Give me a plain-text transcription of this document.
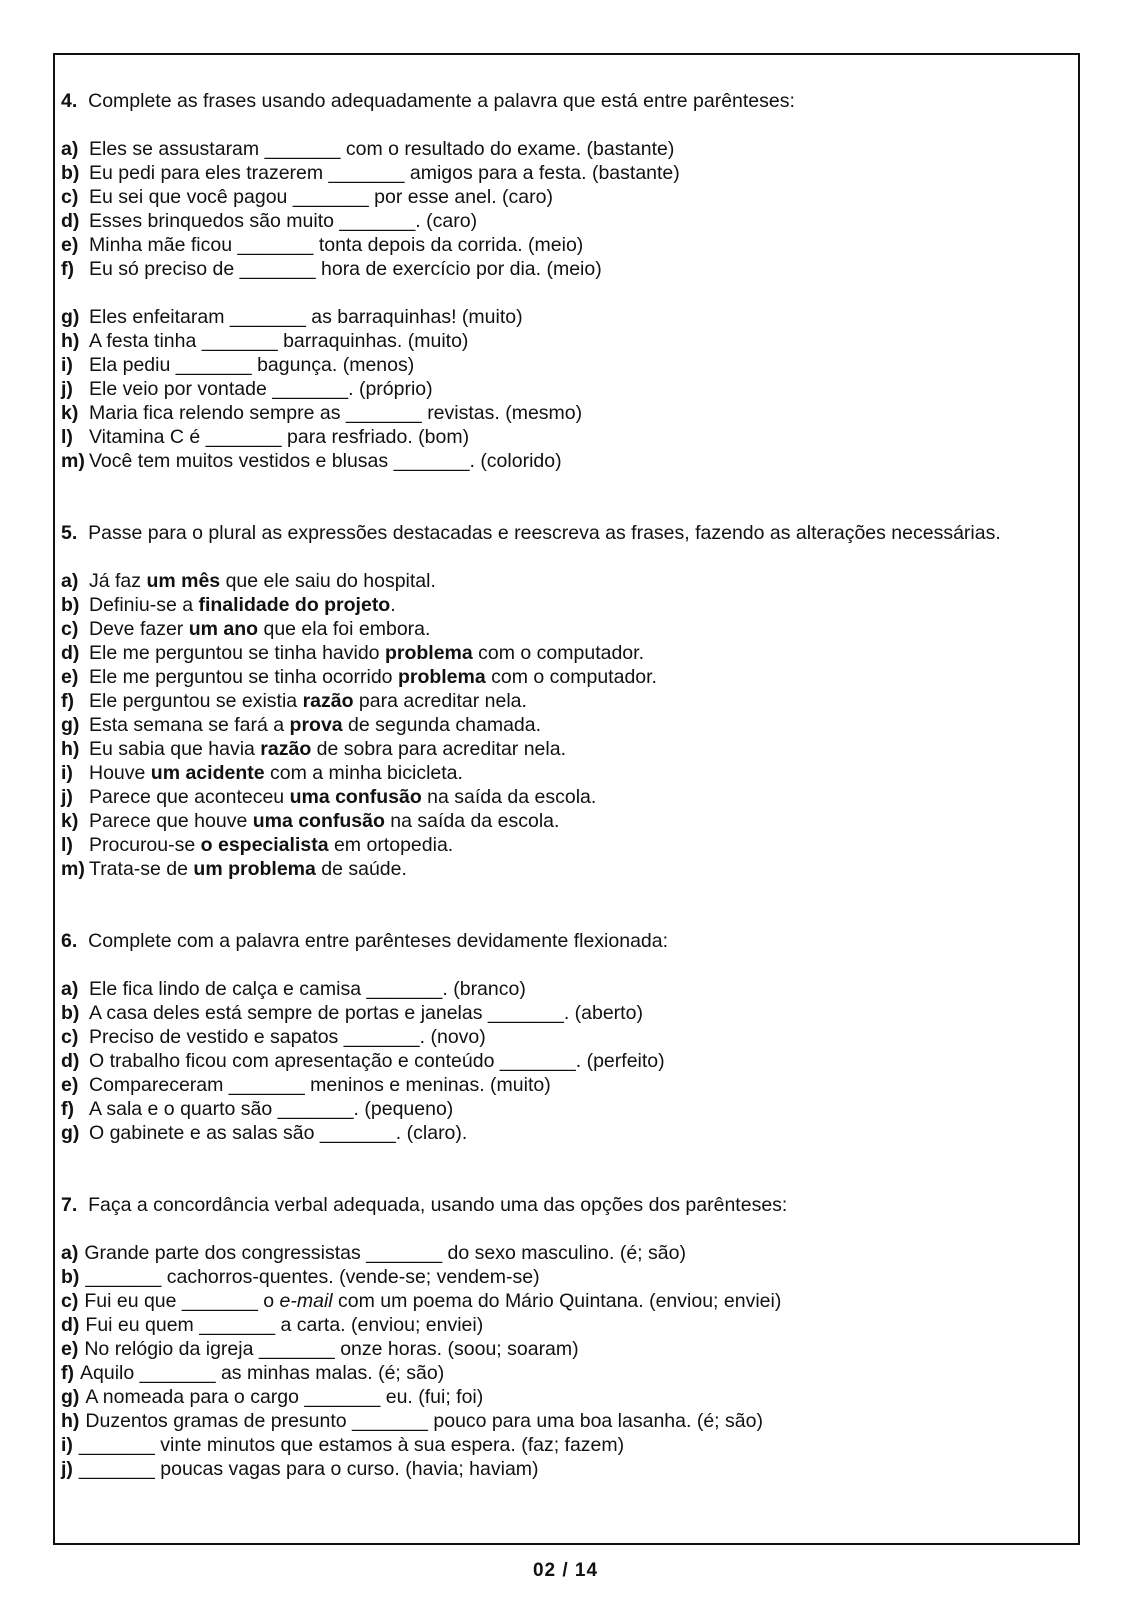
4. Complete as frases usando adequadamente a palavra que está entre parênteses:

a) Eles se assustaram _______ com o resultado do exame. (bastante)
b) Eu pedi para eles trazerem _______ amigos para a festa. (bastante)
c) Eu sei que você pagou _______ por esse anel. (caro)
d) Esses brinquedos são muito _______. (caro)
e) Minha mãe ficou _______ tonta depois da corrida. (meio)
f) Eu só preciso de _______ hora de exercício por dia. (meio)
g) Eles enfeitaram _______ as barraquinhas! (muito)
h) A festa tinha _______ barraquinhas. (muito)
i) Ela pediu _______ bagunça. (menos)
j) Ele veio por vontade _______. (próprio)
k) Maria fica relendo sempre as _______ revistas. (mesmo)
l) Vitamina C é _______ para resfriado. (bom)
m) Você tem muitos vestidos e blusas _______. (colorido)

5. Passe para o plural as expressões destacadas e reescreva as frases, fazendo as alterações necessárias.

a) Já faz um mês que ele saiu do hospital.
b) Definiu-se a finalidade do projeto.
c) Deve fazer um ano que ela foi embora.
d) Ele me perguntou se tinha havido problema com o computador.
e) Ele me perguntou se tinha ocorrido problema com o computador.
f) Ele perguntou se existia razão para acreditar nela.
g) Esta semana se fará a prova de segunda chamada.
h) Eu sabia que havia razão de sobra para acreditar nela.
i) Houve um acidente com a minha bicicleta.
j) Parece que aconteceu uma confusão na saída da escola.
k) Parece que houve uma confusão na saída da escola.
l) Procurou-se o especialista em ortopedia.
m) Trata-se de um problema de saúde.

6. Complete com a palavra entre parênteses devidamente flexionada:

a) Ele fica lindo de calça e camisa _______. (branco)
b) A casa deles está sempre de portas e janelas _______. (aberto)
c) Preciso de vestido e sapatos _______. (novo)
d) O trabalho ficou com apresentação e conteúdo _______. (perfeito)
e) Compareceram _______ meninos e meninas. (muito)
f) A sala e o quarto são _______. (pequeno)
g) O gabinete e as salas são _______. (claro).

7. Faça a concordância verbal adequada, usando uma das opções dos parênteses:

a) Grande parte dos congressistas _______ do sexo masculino. (é; são)
b) _______ cachorros-quentes. (vende-se; vendem-se)
c) Fui eu que _______ o e-mail com um poema do Mário Quintana. (enviou; enviei)
d) Fui eu quem _______ a carta. (enviou; enviei)
e) No relógio da igreja _______ onze horas. (soou; soaram)
f) Aquilo _______ as minhas malas. (é; são)
g) A nomeada para o cargo _______ eu. (fui; foi)
h) Duzentos gramas de presunto _______ pouco para uma boa lasanha. (é; são)
i) _______ vinte minutos que estamos à sua espera. (faz; fazem)
j) _______ poucas vagas para o curso. (havia; haviam)
02 / 14
